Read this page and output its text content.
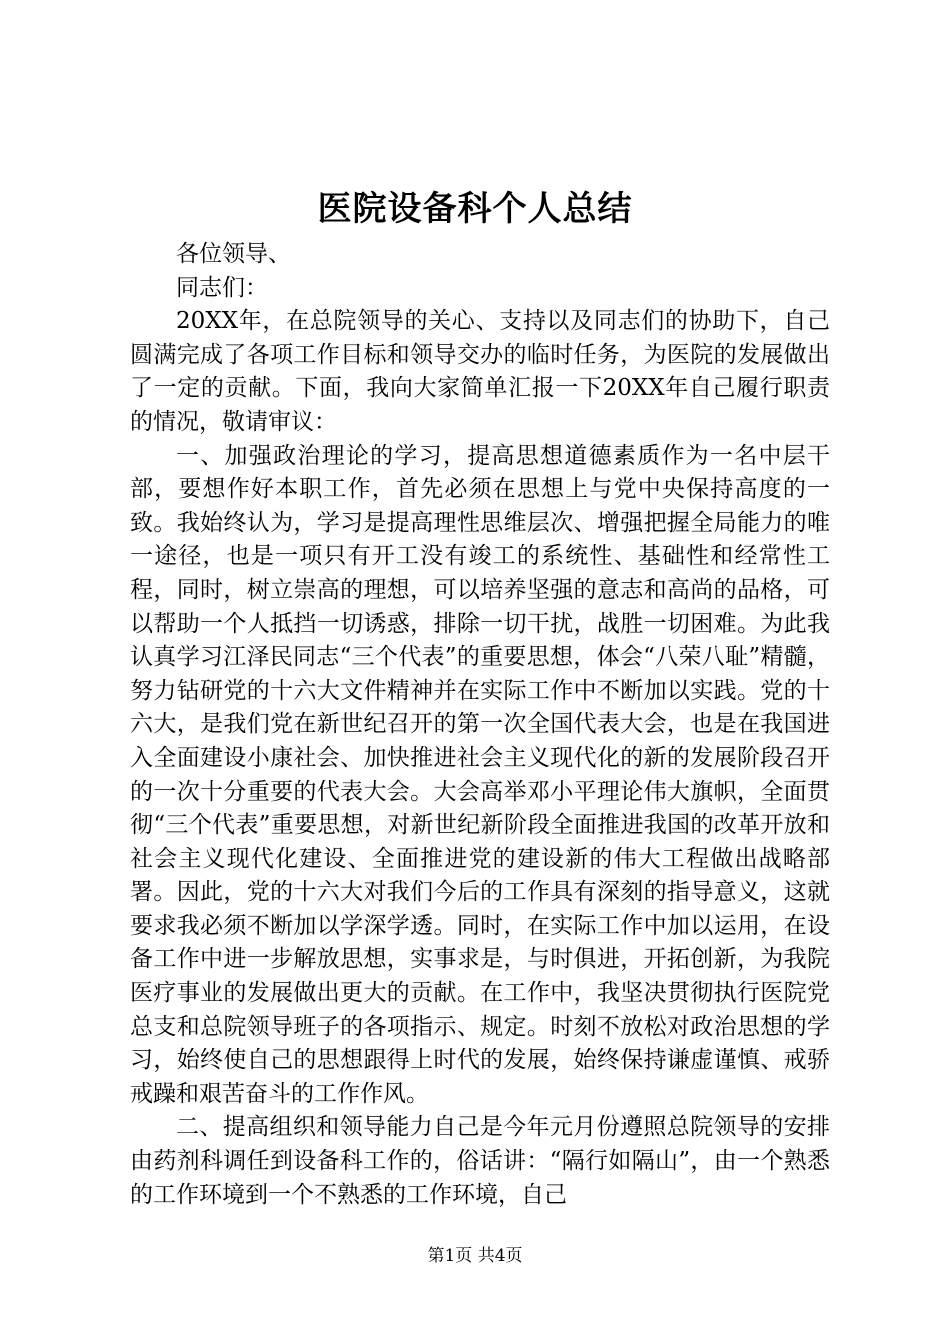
医院设备科个人总结

各位领导、

同志们：

20XX年，在总院领导的关心、支持以及同志们的协助下，自己圆满完成了各项工作目标和领导交办的临时任务，为医院的发展做出了一定的贡献。下面，我向大家简单汇报一下20XX年自己履行职责的情况，敬请审议：

一、加强政治理论的学习，提高思想道德素质作为一名中层干部，要想作好本职工作，首先必须在思想上与党中央保持高度的一致。我始终认为，学习是提高理性思维层次、增强把握全局能力的唯一途径，也是一项只有开工没有竣工的系统性、基础性和经常性工程，同时，树立崇高的理想，可以培养坚强的意志和高尚的品格，可以帮助一个人抵挡一切诱惑，排除一切干扰，战胜一切困难。为此我认真学习江泽民同志“三个代表”的重要思想，体会“八荣八耻”精髓，努力钻研党的十六大文件精神并在实际工作中不断加以实践。党的十六大，是我们党在新世纪召开的第一次全国代表大会，也是在我国进入全面建设小康社会、加快推进社会主义现代化的新的发展阶段召开的一次十分重要的代表大会。大会高举邓小平理论伟大旗帜，全面贯彻“三个代表”重要思想，对新世纪新阶段全面推进我国的改革开放和社会主义现代化建设、全面推进党的建设新的伟大工程做出战略部署。因此，党的十六大对我们今后的工作具有深刻的指导意义，这就要求我必须不断加以学深学透。同时，在实际工作中加以运用，在设备工作中进一步解放思想，实事求是，与时俱进，开拓创新，为我院医疗事业的发展做出更大的贡献。在工作中，我坚决贯彻执行医院党总支和总院领导班子的各项指示、规定。时刻不放松对政治思想的学习，始终使自己的思想跟得上时代的发展，始终保持谦虚谨慎、戒骄戒躁和艰苦奋斗的工作作风。

二、提高组织和领导能力自己是今年元月份遵照总院领导的安排由药剂科调任到设备科工作的，俗话讲：“隔行如隔山”，由一个熟悉的工作环境到一个不熟悉的工作环境，自己

第1页 共4页
